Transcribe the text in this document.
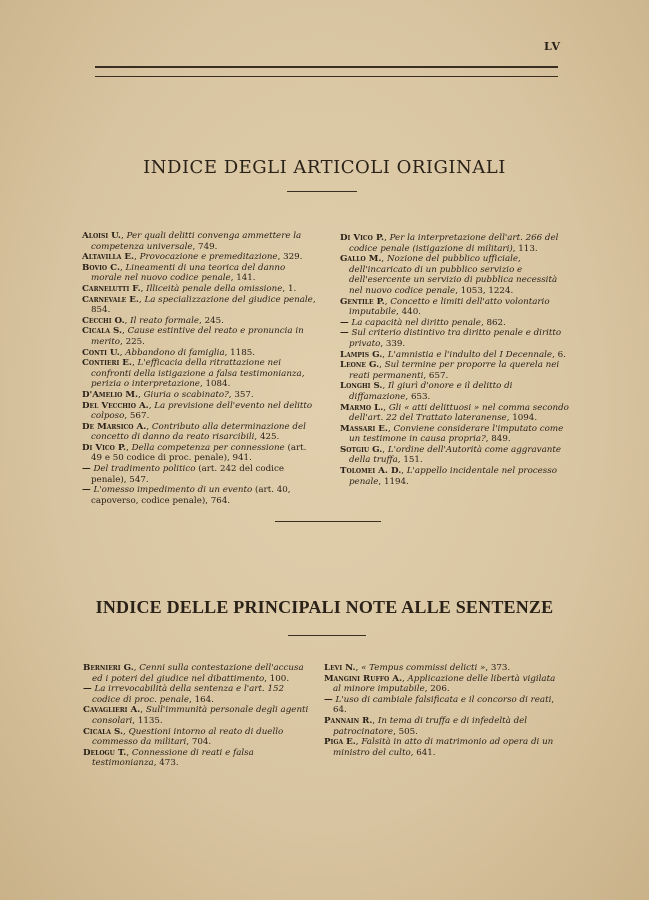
LV
INDICE DEGLI ARTICOLI ORIGINALI

Aloisi U., Per quali delitti convenga ammettere la competenza universale, 749.

Altavilla E., Provocazione e premeditazione, 329.

Bovio C., Lineamenti di una teorica del danno morale nel nuovo codice penale, 141.

Carnelutti F., Illiceità penale della omissione, 1.

Carnevale E., La specializzazione del giudice penale, 854.

Cecchi O., Il reato formale, 245.

Cicala S., Cause estintive del reato e pronuncia in merito, 225.

Conti U., Abbandono di famiglia, 1185.

Contieri E., L'efficacia della ritrattazione nei confronti della istigazione a falsa testimonianza, perizia o interpretazione, 1084.

D'Amelio M., Giuria o scabinato?, 357.

Del Vecchio A., La previsione dell'evento nel delitto colposo, 567.

De Marsico A., Contributo alla determinazione del concetto di danno da reato risarcibili, 425.

Di Vico P., Della competenza per connessione (art. 49 e 50 codice di proc. penale), 941.

— Del tradimento politico (art. 242 del codice penale), 547.

— L'omesso impedimento di un evento (art. 40, capoverso, codice penale), 764.

Di Vico P., Per la interpretazione dell'art. 266 del codice penale (istigazione di militari), 113.

Gallo M., Nozione del pubblico ufficiale, dell'incaricato di un pubblico servizio e dell'esercente un servizio di pubblica necessità nel nuovo codice penale, 1053, 1224.

Gentile P., Concetto e limiti dell'atto volontario imputabile, 440.

— La capacità nel diritto penale, 862.

— Sul criterio distintivo tra diritto penale e diritto privato, 339.

Lampis G., L'amnistia e l'indulto del I Decennale, 6.

Leone G., Sul termine per proporre la querela nei reati permanenti, 657.

Longhi S., Il giurì d'onore e il delitto di diffamazione, 653.

Marmo L., Gli « atti delittuosi » nel comma secondo dell'art. 22 del Trattato lateranense, 1094.

Massari E., Conviene considerare l'imputato come un testimone in causa propria?, 849.

Sotgiu G., L'ordine dell'Autorità come aggravante della truffa, 151.

Tolomei A. D., L'appello incidentale nel processo penale, 1194.

INDICE DELLE PRINCIPALI NOTE ALLE SENTENZE

Bernieri G., Cenni sulla contestazione dell'accusa ed i poteri del giudice nel dibattimento, 100.

— La irrevocabilità della sentenza e l'art. 152 codice di proc. penale, 164.

Cavaglieri A., Sull'immunità personale degli agenti consolari, 1135.

Cicala S., Questioni intorno al reato di duello commesso da militari, 704.

Delogu T., Connessione di reati e falsa testimonianza, 473.

Levi N., « Tempus commissi delicti », 373.

Mangini Ruffo A., Applicazione delle libertà vigilata al minore imputabile, 206.

— L'uso di cambiale falsificata e il concorso di reati, 64.

Pannain R., In tema di truffa e di infedeltà del patrocinatore, 505.

Piga E., Falsità in atto di matrimonio ad opera di un ministro del culto, 641.
